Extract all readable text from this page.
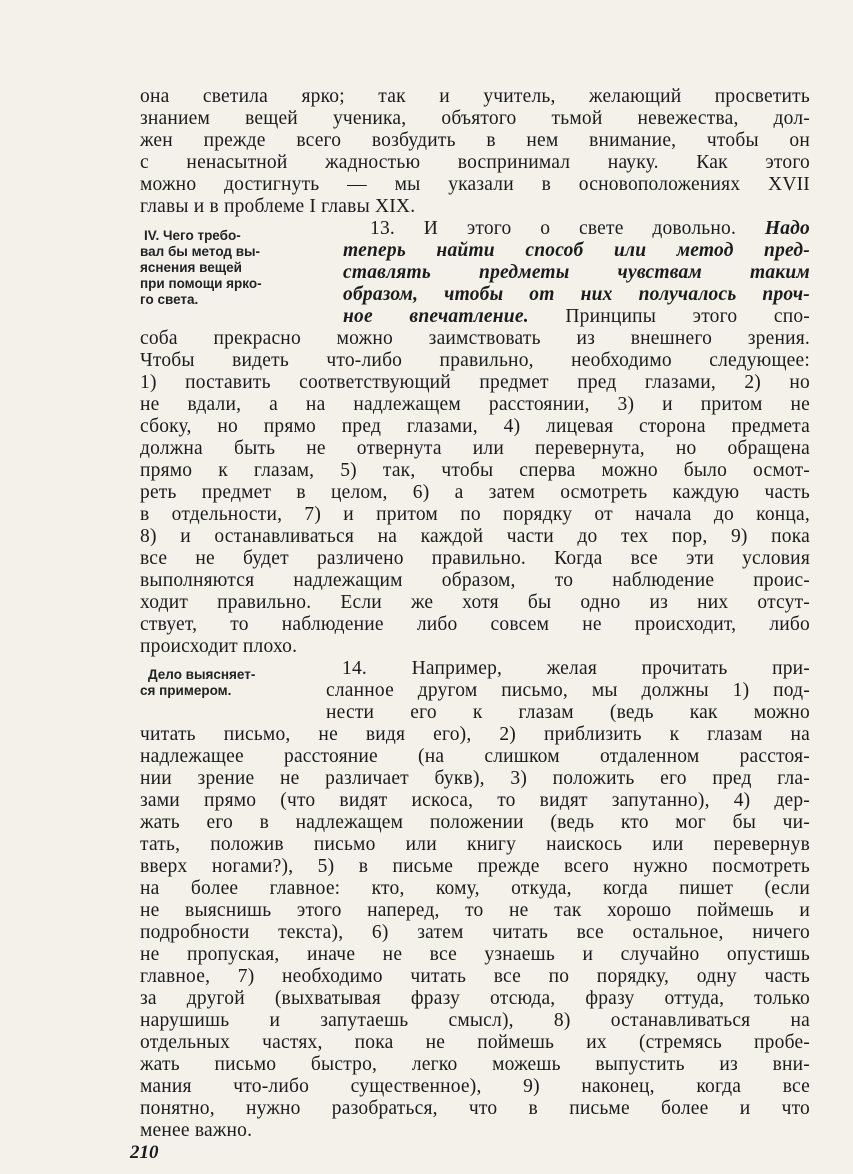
она светила ярко; так и учитель, желающий просветить
знанием вещей ученика, объятого тьмой невежества, дол-
жен прежде всего возбудить в нем внимание, чтобы он
с ненасытной жадностью воспринимал науку. Как этого
можно достигнуть — мы указали в основоположениях XVII
главы и в проблеме I главы XIX.
IV. Чего требо-
вал бы метод вы-
яснения вещей
при помощи ярко-
го света.
13. И этого о свете довольно. Надо
теперь найти способ или метод пред-
ставлять предметы чувствам таким
образом, чтобы от них получалось проч-
ное впечатление. Принципы этого спо-
соба прекрасно можно заимствовать из внешнего зрения.
Чтобы видеть что-либо правильно, необходимо следующее:
1) поставить соответствующий предмет пред глазами, 2) но
не вдали, а на надлежащем расстоянии, 3) и притом не
сбоку, но прямо пред глазами, 4) лицевая сторона предмета
должна быть не отвернута или перевернута, но обращена
прямо к глазам, 5) так, чтобы сперва можно было осмот-
реть предмет в целом, 6) а затем осмотреть каждую часть
в отдельности, 7) и притом по порядку от начала до конца,
8) и останавливаться на каждой части до тех пор, 9) пока
все не будет различено правильно. Когда все эти условия
выполняются надлежащим образом, то наблюдение проис-
ходит правильно. Если же хотя бы одно из них отсут-
ствует, то наблюдение либо совсем не происходит, либо
происходит плохо.
Дело выясняет-
ся примером.
14. Например, желая прочитать при-
сланное другом письмо, мы должны 1) под-
нести его к глазам (ведь как можно
читать письмо, не видя его), 2) приблизить к глазам на
надлежащее расстояние (на слишком отдаленном расстоя-
нии зрение не различает букв), 3) положить его пред гла-
зами прямо (что видят искоса, то видят запутанно), 4) дер-
жать его в надлежащем положении (ведь кто мог бы чи-
тать, положив письмо или книгу наискось или перевернув
вверх ногами?), 5) в письме прежде всего нужно посмотреть
на более главное: кто, кому, откуда, когда пишет (если
не выяснишь этого наперед, то не так хорошо поймешь и
подробности текста), 6) затем читать все остальное, ничего
не пропуская, иначе не все узнаешь и случайно опустишь
главное, 7) необходимо читать все по порядку, одну часть
за другой (выхватывая фразу отсюда, фразу оттуда, только
нарушишь и запутаешь смысл), 8) останавливаться на
отдельных частях, пока не поймешь их (стремясь пробе-
жать письмо быстро, легко можешь выпустить из вни-
мания что-либо существенное), 9) наконец, когда все
понятно, нужно разобраться, что в письме более и что
менее важно.
210
